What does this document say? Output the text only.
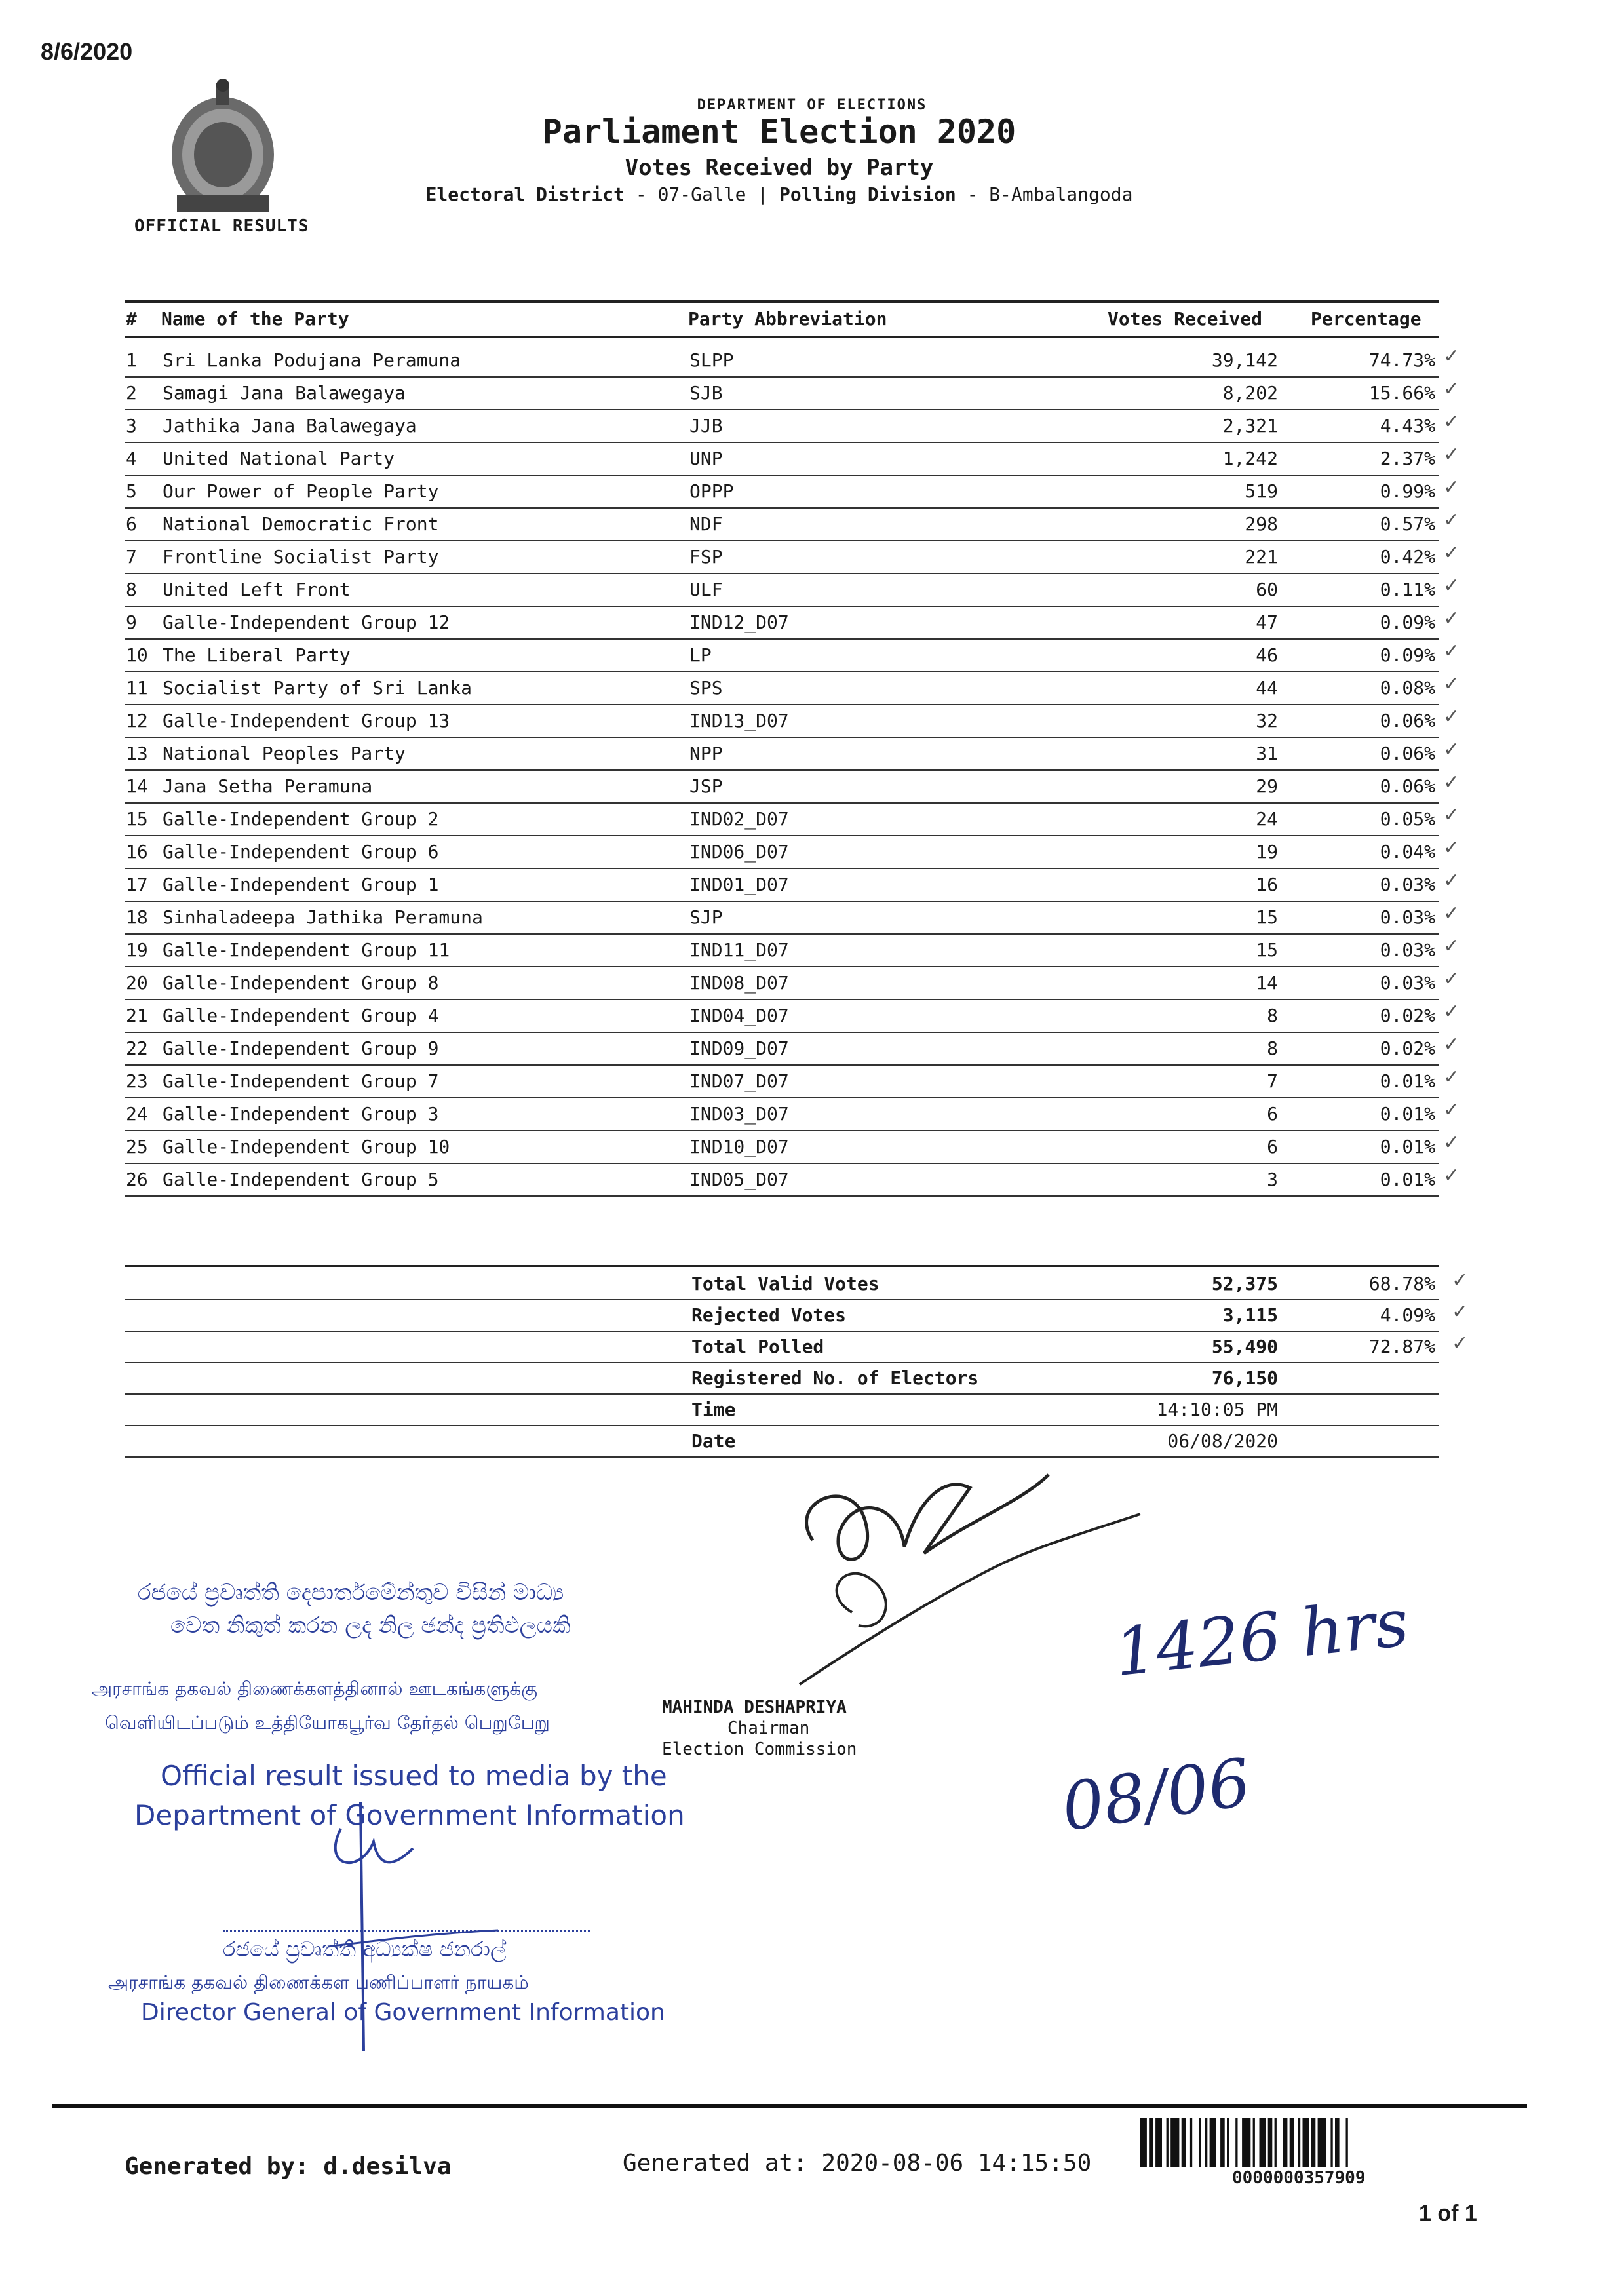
8/6/2020
OFFICIAL RESULTS
DEPARTMENT OF ELECTIONS
Parliament Election 2020
Votes Received by Party
Electoral District - 07-Galle | Polling Division - B-Ambalangoda
# Name of the Party	Party Abbreviation	Votes Received	Percentage
1 Sri Lanka Podujana Peramuna	SLPP	39,142	74.73% ✓
2 Samagi Jana Balawegaya	SJB	8,202	15.66% ✓
3 Jathika Jana Balawegaya	JJB	2,321	4.43% ✓
4 United National Party	UNP	1,242	2.37% ✓
5 Our Power of People Party	OPPP	519	0.99% ✓
6 National Democratic Front	NDF	298	0.57% ✓
7 Frontline Socialist Party	FSP	221	0.42% ✓
8 United Left Front	ULF	60	0.11% ✓
9 Galle-Independent Group 12	IND12_D07	47	0.09% ✓
10 The Liberal Party	LP	46	0.09% ✓
11 Socialist Party of Sri Lanka	SPS	44	0.08% ✓
12 Galle-Independent Group 13	IND13_D07	32	0.06% ✓
13 National Peoples Party	NPP	31	0.06% ✓
14 Jana Setha Peramuna	JSP	29	0.06% ✓
15 Galle-Independent Group 2	IND02_D07	24	0.05% ✓
16 Galle-Independent Group 6	IND06_D07	19	0.04% ✓
17 Galle-Independent Group 1	IND01_D07	16	0.03% ✓
18 Sinhaladeepa Jathika Peramuna	SJP	15	0.03% ✓
19 Galle-Independent Group 11	IND11_D07	15	0.03% ✓
20 Galle-Independent Group 8	IND08_D07	14	0.03% ✓
21 Galle-Independent Group 4	IND04_D07	8	0.02% ✓
22 Galle-Independent Group 9	IND09_D07	8	0.02% ✓
23 Galle-Independent Group 7	IND07_D07	7	0.01% ✓
24 Galle-Independent Group 3	IND03_D07	6	0.01% ✓
25 Galle-Independent Group 10	IND10_D07	6	0.01% ✓
26 Galle-Independent Group 5	IND05_D07	3	0.01% ✓
Total Valid Votes	52,375	68.78% ✓
Rejected Votes	3,115	4.09% ✓
Total Polled	55,490	72.87% ✓
Registered No. of Electors	76,150
Time	14:10:05 PM
Date	06/08/2020
MAHINDA DESHAPRIYA
Chairman
Election Commission
රජයේ ප්‍රවෘත්ති දෙපාර්තමේන්තුව විසින් මාධ්‍ය
වෙත නිකුත් කරන ලද නිල ඡන්ද ප්‍රතිඵලයකි
அரசாங்க தகவல் திணைக்களத்தினால் ஊடகங்களுக்கு
வெளியிடப்படும் உத்தியோகபூர்வ தேர்தல் பெறுபேறு
Official result issued to media by the
Department of Government Information
රජයේ ප්‍රවෘත්ති අධ්‍යක්ෂ ජනරාල්
அரசாங்க தகவல் திணைக்கள பணிப்பாளர் நாயகம்
Director General of Government Information
1426 hrs
08/06
Generated by: d.desilva	Generated at: 2020-08-06 14:15:50
0000000357909
1 of 1
